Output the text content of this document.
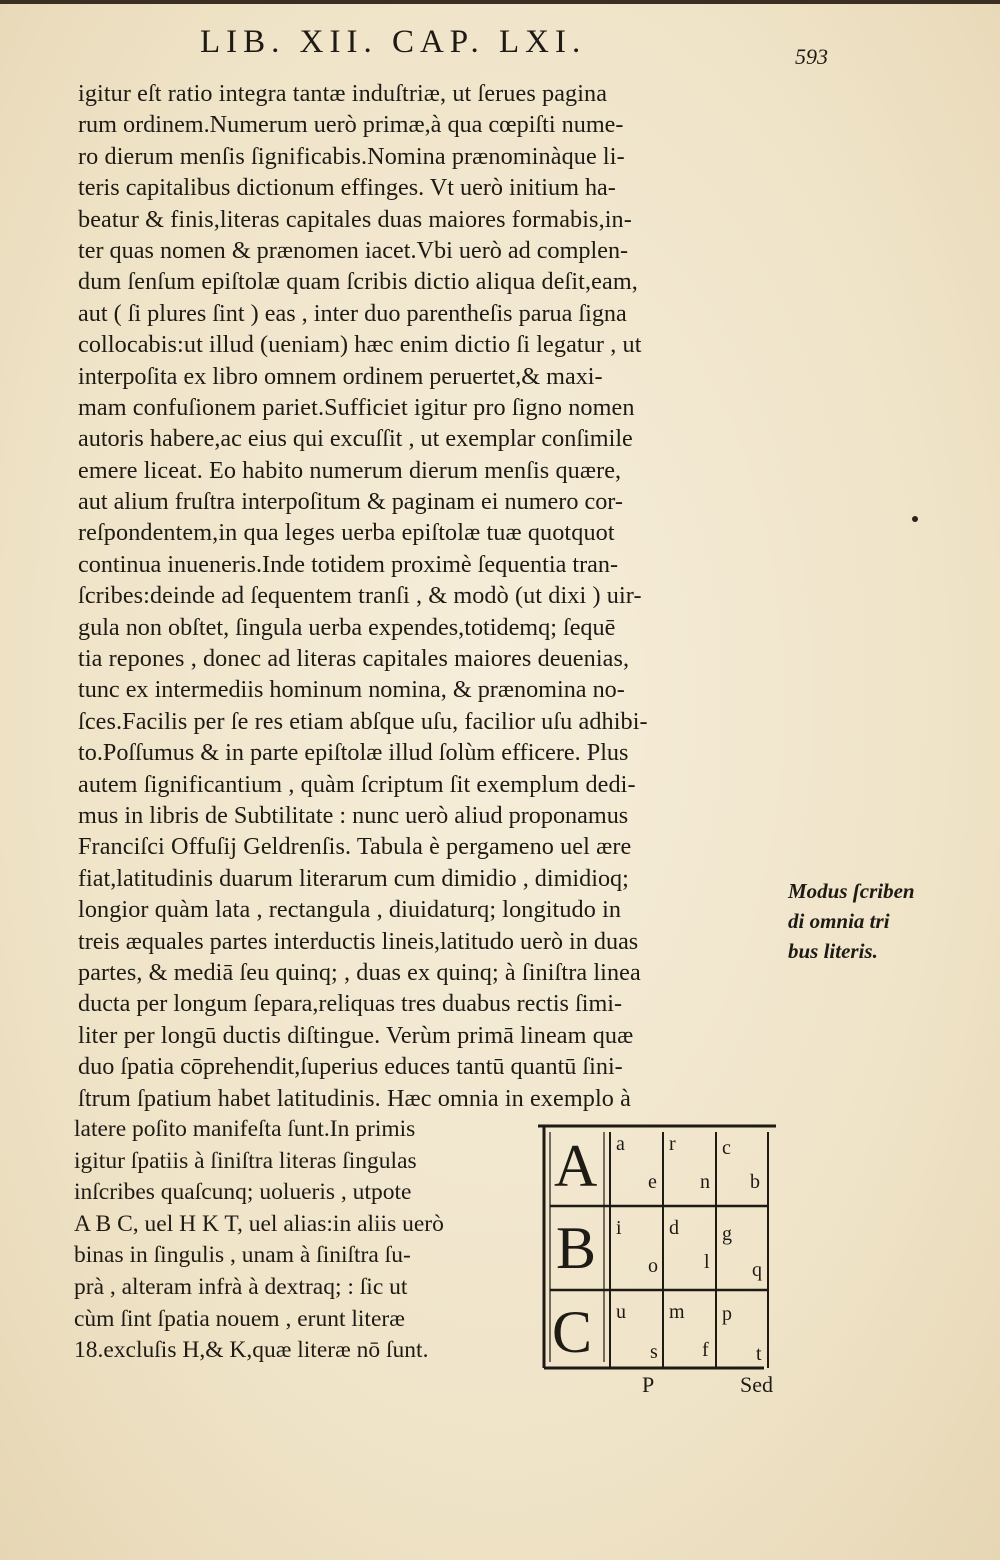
LIB. XII. CAP. LXI.	593
igitur eſt ratio integra tantæ induſtriæ, ut ſerues pagina
rum ordinem.Numerum uerò primæ,à qua cœpiſti nume-
ro dierum menſis ſignificabis.Nomina prænominàque li-
teris capitalibus dictionum effinges. Vt uerò initium ha-
beatur & finis,literas capitales duas maiores formabis,in-
ter quas nomen & prænomen iacet.Vbi uerò ad complen-
dum ſenſum epiſtolæ quam ſcribis dictio aliqua deſit,eam,
aut ( ſi plures ſint ) eas , inter duo parentheſis parua ſigna
collocabis:ut illud (ueniam) hæc enim dictio ſi legatur , ut
interpoſita ex libro omnem ordinem peruertet,& maxi-
mam confuſionem pariet.Sufficiet igitur pro ſigno nomen
autoris habere,ac eius qui excuſſit , ut exemplar conſimile
emere liceat. Eo habito numerum dierum menſis quære,
aut alium fruſtra interpoſitum & paginam ei numero cor-
reſpondentem,in qua leges uerba epiſtolæ tuæ quotquot
continua inueneris.Inde totidem proximè ſequentia tran-
ſcribes:deinde ad ſequentem tranſi , & modò (ut dixi ) uir-
gula non obſtet, ſingula uerba expendes,totidemq; ſequē
tia repones , donec ad literas capitales maiores deuenias,
tunc ex intermediis hominum nomina, & prænomina no-
ſces.Facilis per ſe res etiam abſque uſu, facilior uſu adhibi-
to.Poſſumus & in parte epiſtolæ illud ſolùm efficere. Plus
autem ſignificantium , quàm ſcriptum ſit exemplum dedi-
mus in libris de Subtilitate : nunc uerò aliud proponamus
Franciſci Offuſij Geldrenſis. Tabula è pergameno uel ære
fiat,latitudinis duarum literarum cum dimidio , dimidioq;
longior quàm lata , rectangula , diuidaturq; longitudo in
treis æquales partes interductis lineis,latitudo uerò in duas
partes, & mediā ſeu quinq; , duas ex quinq; à ſiniſtra linea
ducta per longum ſepara,reliquas tres duabus rectis ſimi-
liter per longū ductis diſtingue. Verùm primā lineam quæ
duo ſpatia cōprehendit,ſuperius educes tantū quantū ſini-
ſtrum ſpatium habet latitudinis. Hæc omnia in exemplo à
Modus ſcriben
di omnia tri
bus literis.
latere poſito manifeſta ſunt.In primis
igitur ſpatiis à ſiniſtra literas ſingulas
inſcribes quaſcunq; uolueris , utpote
A B C, uel H K T, uel alias:in aliis uerò
binas in ſingulis , unam à ſiniſtra ſu-
prà , alteram infrà à dextraq; : ſic ut
cùm ſint ſpatia nouem , erunt literæ
18.excluſis H,& K,quæ literæ nō ſunt.
A
B
C
a
e
r
n
c
b
i
o
d
l
g
q
u
s
m
f
p
t
P	Sed
